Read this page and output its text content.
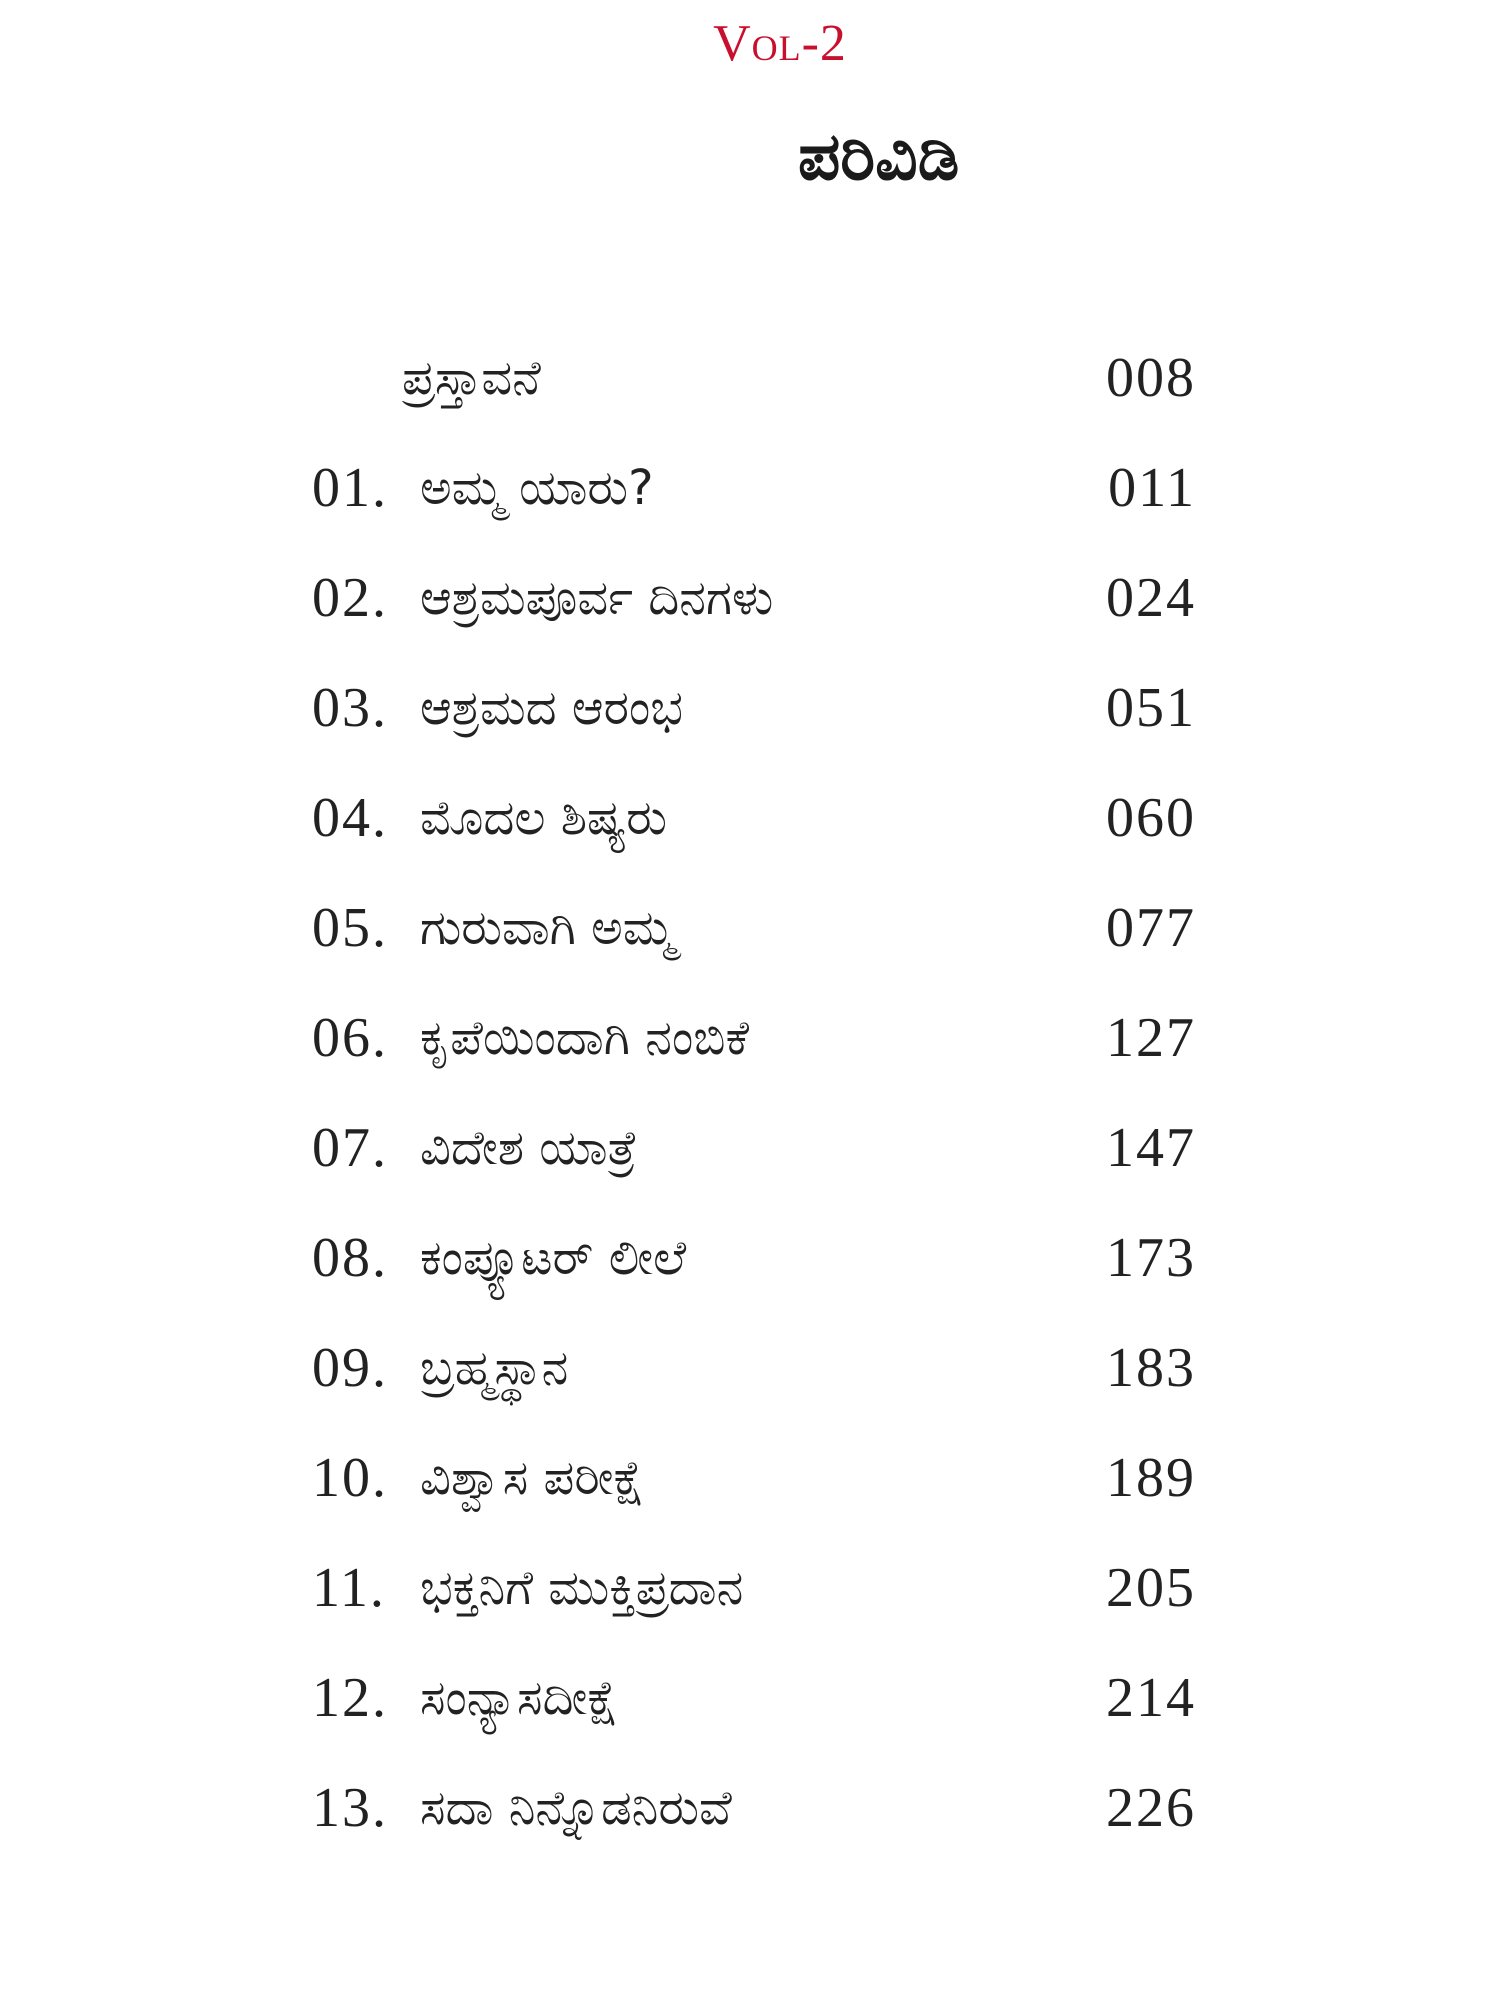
Vol-2
ಪರಿವಿಡಿ
ಪ್ರಸ್ತಾವನೆ	008
01. ಅಮ್ಮ ಯಾರು?	011
02. ಆಶ್ರಮಪೂರ್ವ ದಿನಗಳು	024
03. ಆಶ್ರಮದ ಆರಂಭ	051
04. ಮೊದಲ ಶಿಷ್ಯರು	060
05. ಗುರುವಾಗಿ ಅಮ್ಮ	077
06. ಕೃಪೆಯಿಂದಾಗಿ ನಂಬಿಕೆ	127
07. ವಿದೇಶ ಯಾತ್ರೆ	147
08. ಕಂಪ್ಯೂಟರ್ ಲೀಲೆ	173
09. ಬ್ರಹ್ಮಸ್ಥಾನ	183
10. ವಿಶ್ವಾಸ ಪರೀಕ್ಷೆ	189
11. ಭಕ್ತನಿಗೆ ಮುಕ್ತಿಪ್ರದಾನ	205
12. ಸಂನ್ಯಾಸದೀಕ್ಷೆ	214
13. ಸದಾ ನಿನ್ನೊಡನಿರುವೆ	226
